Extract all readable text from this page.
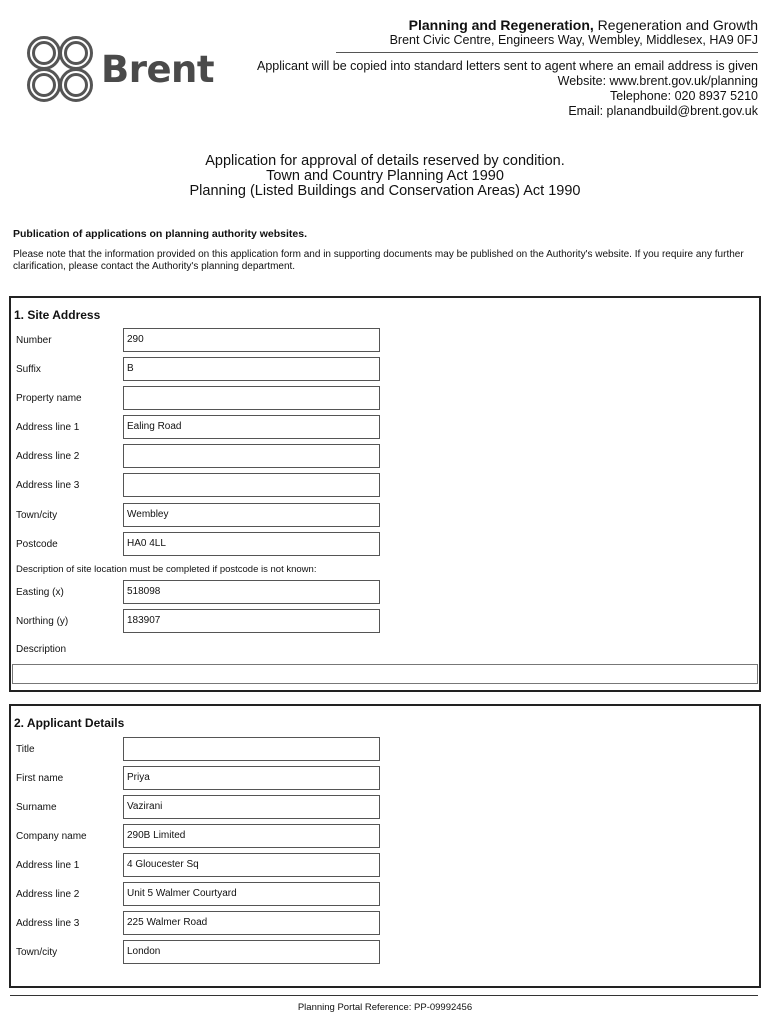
Brent
Planning and Regeneration, Regeneration and Growth
Brent Civic Centre, Engineers Way, Wembley, Middlesex, HA9 0FJ
Applicant will be copied into standard letters sent to agent where an email address is given
Website: www.brent.gov.uk/planning
Telephone: 020 8937 5210
Email: planandbuild@brent.gov.uk
Application for approval of details reserved by condition.
Town and Country Planning Act 1990
Planning (Listed Buildings and Conservation Areas) Act 1990
Publication of applications on planning authority websites.
Please note that the information provided on this application form and in supporting documents may be published on the Authority's website. If you require any further clarification, please contact the Authority's planning department.
1. Site Address
Number	290
Suffix	B
Property name
Address line 1	Ealing Road
Address line 2
Address line 3
Town/city	Wembley
Postcode	HA0 4LL
Description of site location must be completed if postcode is not known:
Easting (x)	518098
Northing (y)	183907
Description
2. Applicant Details
Title
First name	Priya
Surname	Vazirani
Company name	290B Limited
Address line 1	4 Gloucester Sq
Address line 2	Unit 5 Walmer Courtyard
Address line 3	225 Walmer Road
Town/city	London
Planning Portal Reference: PP-09992456
